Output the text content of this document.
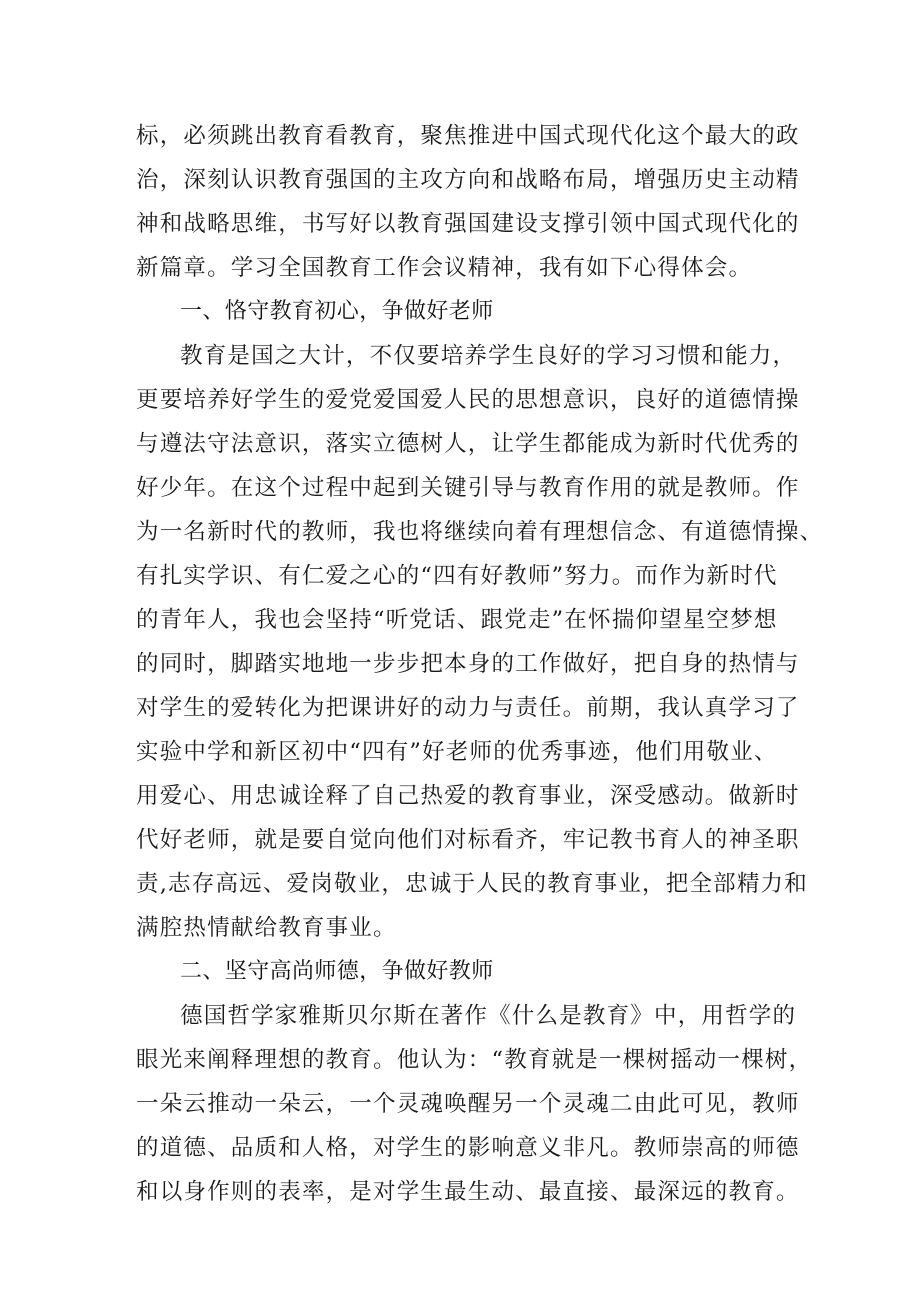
标，必须跳出教育看教育，聚焦推进中国式现代化这个最大的政
治，深刻认识教育强国的主攻方向和战略布局，增强历史主动精
神和战略思维，书写好以教育强国建设支撑引领中国式现代化的
新篇章。学习全国教育工作会议精神，我有如下心得体会。
一、恪守教育初心，争做好老师
教育是国之大计，不仅要培养学生良好的学习习惯和能力，
更要培养好学生的爱党爱国爱人民的思想意识，良好的道德情操
与遵法守法意识，落实立德树人，让学生都能成为新时代优秀的
好少年。在这个过程中起到关键引导与教育作用的就是教师。作
为一名新时代的教师，我也将继续向着有理想信念、有道德情操、
有扎实学识、有仁爱之心的“四有好教师”努力。而作为新时代
的青年人，我也会坚持“听党话、跟党走”在怀揣仰望星空梦想
的同时，脚踏实地地一步步把本身的工作做好，把自身的热情与
对学生的爱转化为把课讲好的动力与责任。前期，我认真学习了
实验中学和新区初中“四有”好老师的优秀事迹，他们用敬业、
用爱心、用忠诚诠释了自己热爱的教育事业，深受感动。做新时
代好老师，就是要自觉向他们对标看齐，牢记教书育人的神圣职
责,志存高远、爱岗敬业，忠诚于人民的教育事业，把全部精力和
满腔热情献给教育事业。
二、坚守高尚师德，争做好教师
德国哲学家雅斯贝尔斯在著作《什么是教育》中，用哲学的
眼光来阐释理想的教育。他认为：“教育就是一棵树摇动一棵树，
一朵云推动一朵云，一个灵魂唤醒另一个灵魂二由此可见，教师
的道德、品质和人格，对学生的影响意义非凡。教师崇高的师德
和以身作则的表率，是对学生最生动、最直接、最深远的教育。
